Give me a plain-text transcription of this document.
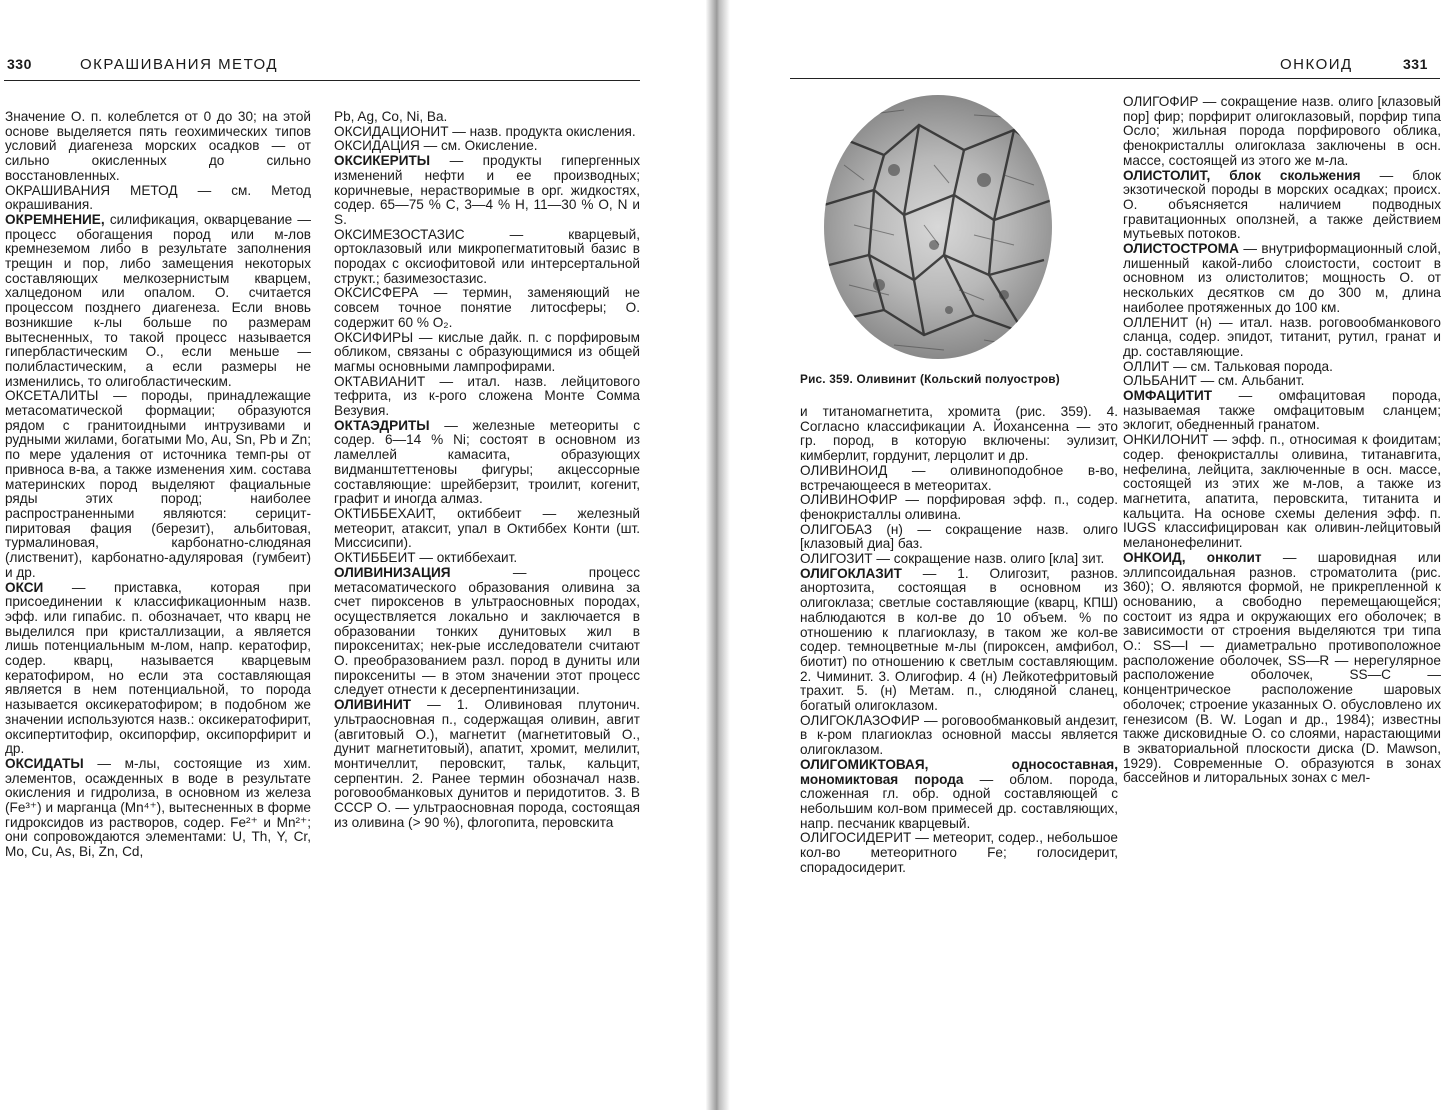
330	ОКРАШИВАНИЯ МЕТОД

Значение О. п. колеблется от 0 до 30; на этой основе выделяется пять геохимических типов условий диагенеза морских осадков — от сильно окисленных до сильно восстановленных.

ОКРАШИВАНИЯ МЕТОД — см. Метод окрашивания.

ОКРЕМНЕНИЕ, силификация, окварцевание — процесс обогащения пород или м-лов кремнеземом либо в результате заполнения трещин и пор, либо замещения некоторых составляющих мелкозернистым кварцем, халцедоном или опалом. О. считается процессом позднего диагенеза. Если вновь возникшие к-лы больше по размерам вытесненных, то такой процесс называется гипербластическим О., если меньше — полибластическим, а если размеры не изменились, то олигобластическим.

ОКСЕТАЛИТЫ — породы, принадлежащие метасоматической формации; образуются рядом с гранитоидными интрузивами и рудными жилами, богатыми Mo, Au, Sn, Pb и Zn; по мере удаления от источника темп-ры от привноса в-ва, а также изменения хим. состава материнских пород выделяют фациальные ряды этих пород; наиболее распространенными являются: серицит-пиритовая фация (березит), альбитовая, турмалиновая, карбонатно-слюдяная (лиственит), карбонатно-адуляровая (гумбеит) и др.

ОКСИ — приставка, которая при присоединении к классификационным назв. эфф. или гипабис. п. обозначает, что кварц не выделился при кристаллизации, а является лишь потенциальным м-лом, напр. кератофир, содер. кварц, называется кварцевым кератофиром, но если эта составляющая является в нем потенциальной, то порода называется оксикератофиром; в подобном же значении используются назв.: оксикератофирит, оксипертитофир, оксипорфир, оксипорфирит и др.

ОКСИДАТЫ — м-лы, состоящие из хим. элементов, осажденных в воде в результате окисления и гидролиза, в основном из железа (Fe³⁺) и марганца (Mn⁴⁺), вытесненных в форме гидроксидов из растворов, содер. Fe²⁺ и Mn²⁺; они сопровождаются элементами: U, Th, Y, Cr, Mo, Cu, As, Bi, Zn, Cd,

Pb, Ag, Co, Ni, Ba.

ОКСИДАЦИОНИТ — назв. продукта окисления.

ОКСИДАЦИЯ — см. Окисление.

ОКСИКЕРИТЫ — продукты гипергенных изменений нефти и ее производных; коричневые, нерастворимые в орг. жидкостях, содер. 65—75 % C, 3—4 % H, 11—30 % O, N и S.

ОКСИМЕЗОСТАЗИС — кварцевый, ортоклазовый или микропегматитовый базис в породах с оксиофитовой или интерсертальной структ.; базимезостазис.

ОКСИСФЕРА — термин, заменяющий не совсем точное понятие литосферы; О. содержит 60 % O₂.

ОКСИФИРЫ — кислые дайк. п. с порфировым обликом, связаны с образующимися из общей магмы основными лампрофирами.

ОКТАВИАНИТ — итал. назв. лейцитового тефрита, из к-рого сложена Монте Сомма Везувия.

ОКТАЭДРИТЫ — железные метеориты с содер. 6—14 % Ni; состоят в основном из ламеллей камасита, образующих видманштеттеновы фигуры; акцессорные составляющие: шрейберзит, троилит, когенит, графит и иногда алмаз.

ОКТИББЕХАИТ, октиббеит — железный метеорит, атаксит, упал в Октиббех Конти (шт. Миссисипи).

ОКТИББЕИТ — октиббехаит.

ОЛИВИНИЗАЦИЯ — процесс метасоматического образования оливина за счет пироксенов в ультраосновных породах, осуществляется локально и заключается в образовании тонких дунитовых жил в пироксенитах; нек-рые исследователи считают О. преобразованием разл. пород в дуниты или пироксениты — в этом значении этот процесс следует отнести к десерпентинизации.

ОЛИВИНИТ — 1. Оливиновая плутонич. ультраосновная п., содержащая оливин, авгит (авгитовый О.), магнетит (магнетитовый О., дунит магнетитовый), апатит, хромит, мелилит, монтичеллит, перовскит, тальк, кальцит, серпентин. 2. Ранее термин обозначал назв. роговообманковых дунитов и перидотитов. 3. В СССР О. — ультраосновная порода, состоящая из оливина (> 90 %), флогопита, перовскита

ОНКОИД	331
Рис. 359. Оливинит (Кольский полуостров)

и титаномагнетита, хромита (рис. 359). 4. Согласно классификации А. Йохансенна — это гр. пород, в которую включены: эулизит, кимберлит, гордунит, лерцолит и др.

ОЛИВИНОИД — оливиноподобное в-во, встречающееся в метеоритах.

ОЛИВИНОФИР — порфировая эфф. п., содер. фенокристаллы оливина.

ОЛИГОБАЗ (н) — сокращение назв. олиго [клазовый диа] баз.

ОЛИГОЗИТ — сокращение назв. олиго [кла] зит.

ОЛИГОКЛАЗИТ — 1. Олигозит, разнов. анортозита, состоящая в основном из олигоклаза; светлые составляющие (кварц, КПШ) наблюдаются в кол-ве до 10 объем. % по отношению к плагиоклазу, в таком же кол-ве содер. темноцветные м-лы (пироксен, амфибол, биотит) по отношению к светлым составляющим. 2. Чиминит. 3. Олигофир. 4 (н) Лейкотефритовый трахит. 5. (н) Метам. п., слюдяной сланец, богатый олигоклазом.

ОЛИГОКЛАЗОФИР — роговообманковый андезит, в к-ром плагиоклаз основной массы является олигоклазом.

ОЛИГОМИКТОВАЯ, односоставная, мономиктовая порода — облом. порода, сложенная гл. обр. одной составляющей с небольшим кол-вом примесей др. составляющих, напр. песчаник кварцевый.

ОЛИГОСИДЕРИТ — метеорит, содер., небольшое кол-во метеоритного Fe; голосидерит, спорадосидерит.

ОЛИГОФИР — сокращение назв. олиго [клазовый пор] фир; порфирит олигоклазовый, порфир типа Осло; жильная порода порфирового облика, фенокристаллы олигоклаза заключены в осн. массе, состоящей из этого же м-ла.

ОЛИСТОЛИТ, блок скольжения — блок экзотической породы в морских осадках; происх. О. объясняется наличием подводных гравитационных оползней, а также действием мутьевых потоков.

ОЛИСТОСТРОМА — внутриформационный слой, лишенный какой-либо слоистости, состоит в основном из олистолитов; мощность О. от нескольких десятков см до 300 м, длина наиболее протяженных до 100 км.

ОЛЛЕНИТ (н) — итал. назв. роговообманкового сланца, содер. эпидот, титанит, рутил, гранат и др. составляющие.

ОЛЛИТ — см. Тальковая порода.

ОЛЬБАНИТ — см. Альбанит.

ОМФАЦИТИТ — омфацитовая порода, называемая также омфацитовым сланцем; эклогит, обедненный гранатом.

ОНКИЛОНИТ — эфф. п., относимая к фоидитам; содер. фенокристаллы оливина, титанавгита, нефелина, лейцита, заключенные в осн. массе, состоящей из этих же м-лов, а также из магнетита, апатита, перовскита, титанита и кальцита. На основе схемы деления эфф. п. IUGS классифицирован как оливин-лейцитовый меланонефелинит.

ОНКОИД, онколит — шаровидная или эллипсоидальная разнов. строматолита (рис. 360); О. являются формой, не прикрепленной к основанию, а свободно перемещающейся; состоит из ядра и окружающих его оболочек; в зависимости от строения выделяются три типа О.: SS—I — диаметрально противоположное расположение оболочек, SS—R — нерегулярное расположение оболочек, SS—C — концентрическое расположение шаровых оболочек; строение указанных О. обусловлено их генезисом (B. W. Logan и др., 1984); известны также дисковидные О. со слоями, нарастающими в экваториальной плоскости диска (D. Mawson, 1929). Современные О. образуются в зонах бассейнов и литоральных зонах с мел-
